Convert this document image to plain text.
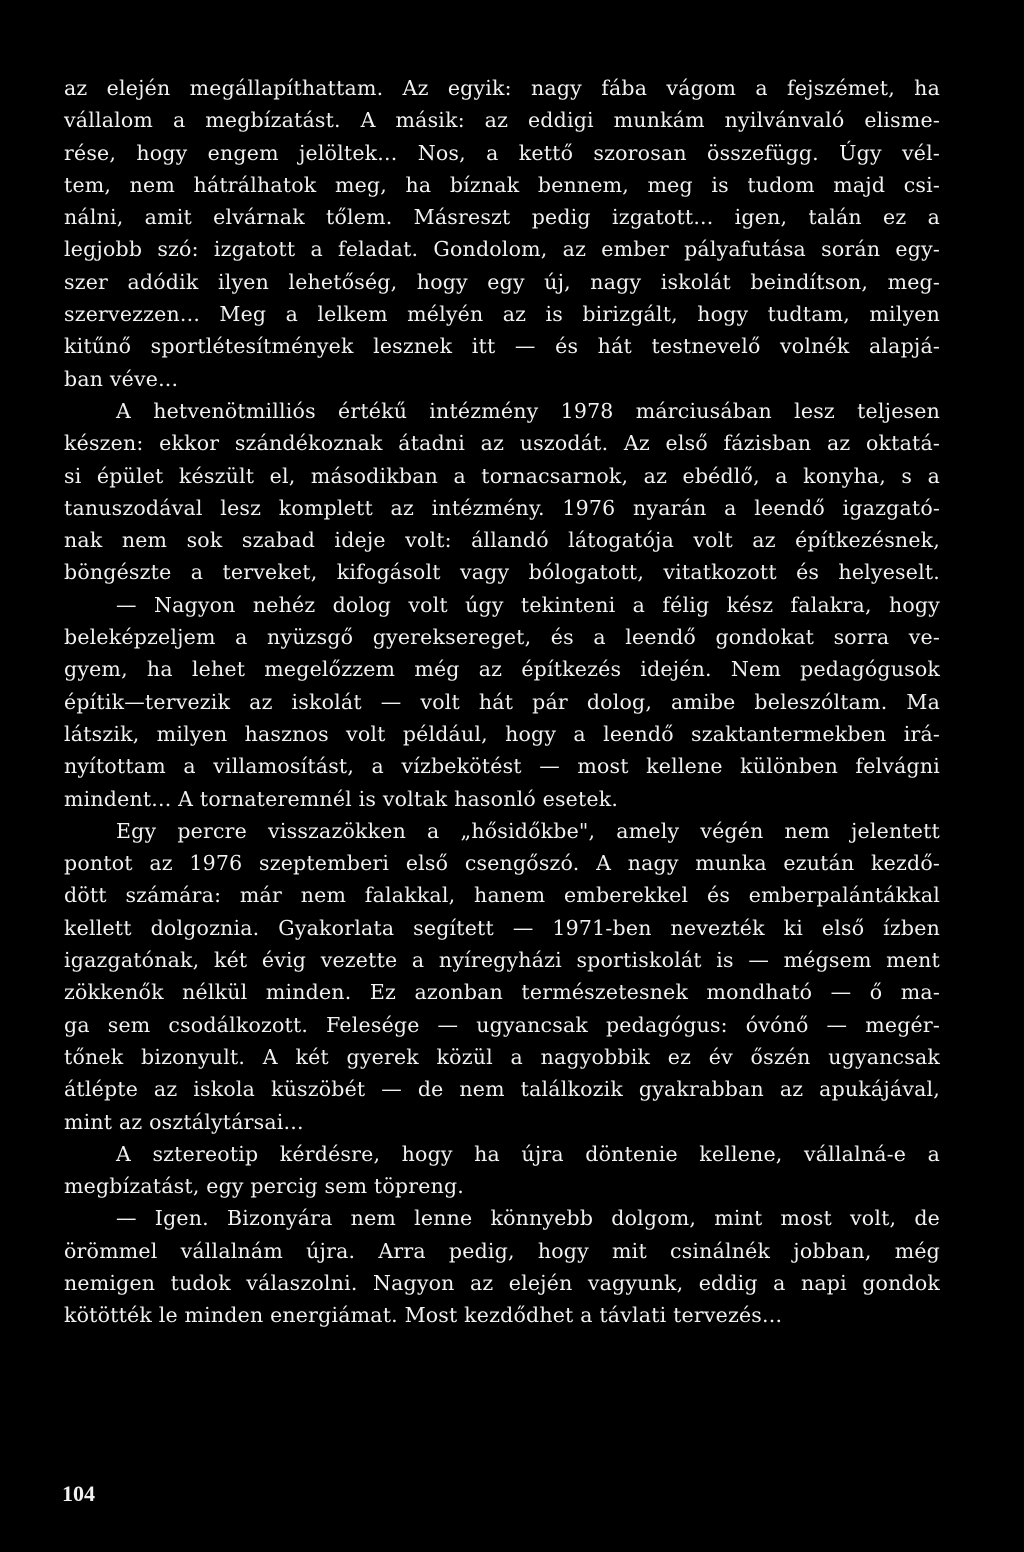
az elején megállapíthattam. Az egyik: nagy fába vágom a fejszémet, ha
vállalom a megbízatást. A másik: az eddigi munkám nyilvánvaló elisme-
rése, hogy engem jelöltek... Nos, a kettő szorosan összefügg. Úgy vél-
tem, nem hátrálhatok meg, ha bíznak bennem, meg is tudom majd csi-
nálni, amit elvárnak tőlem. Másreszt pedig izgatott... igen, talán ez a
legjobb szó: izgatott a feladat. Gondolom, az ember pályafutása során egy-
szer adódik ilyen lehetőség, hogy egy új, nagy iskolát beindítson, meg-
szervezzen... Meg a lelkem mélyén az is birizgált, hogy tudtam, milyen
kitűnő sportlétesítmények lesznek itt — és hát testnevelő volnék alapjá-
ban véve...
A hetvenötmilliós értékű intézmény 1978 márciusában lesz teljesen
készen: ekkor szándékoznak átadni az uszodát. Az első fázisban az oktatá-
si épület készült el, másodikban a tornacsarnok, az ebédlő, a konyha, s a
tanuszodával lesz komplett az intézmény. 1976 nyarán a leendő igazgató-
nak nem sok szabad ideje volt: állandó látogatója volt az építkezésnek,
böngészte a terveket, kifogásolt vagy bólogatott, vitatkozott és helyeselt.
— Nagyon nehéz dolog volt úgy tekinteni a félig kész falakra, hogy
beleképzeljem a nyüzsgő gyereksereget, és a leendő gondokat sorra ve-
gyem, ha lehet megelőzzem még az építkezés idején. Nem pedagógusok
építik—tervezik az iskolát — volt hát pár dolog, amibe beleszóltam. Ma
látszik, milyen hasznos volt például, hogy a leendő szaktantermekben irá-
nyítottam a villamosítást, a vízbekötést — most kellene különben felvágni
mindent... A tornateremnél is voltak hasonló esetek.
Egy percre visszazökken a „hősidőkbe", amely végén nem jelentett
pontot az 1976 szeptemberi első csengőszó. A nagy munka ezután kezdő-
dött számára: már nem falakkal, hanem emberekkel és emberpalántákkal
kellett dolgoznia. Gyakorlata segített — 1971-ben nevezték ki első ízben
igazgatónak, két évig vezette a nyíregyházi sportiskolát is — mégsem ment
zökkenők nélkül minden. Ez azonban természetesnek mondható — ő ma-
ga sem csodálkozott. Felesége — ugyancsak pedagógus: óvónő — megér-
tőnek bizonyult. A két gyerek közül a nagyobbik ez év őszén ugyancsak
átlépte az iskola küszöbét — de nem találkozik gyakrabban az apukájával,
mint az osztálytársai...
A sztereotip kérdésre, hogy ha újra döntenie kellene, vállalná-e a
megbízatást, egy percig sem töpreng.
— Igen. Bizonyára nem lenne könnyebb dolgom, mint most volt, de
örömmel vállalnám újra. Arra pedig, hogy mit csinálnék jobban, még
nemigen tudok válaszolni. Nagyon az elején vagyunk, eddig a napi gondok
kötötték le minden energiámat. Most kezdődhet a távlati tervezés...
104
